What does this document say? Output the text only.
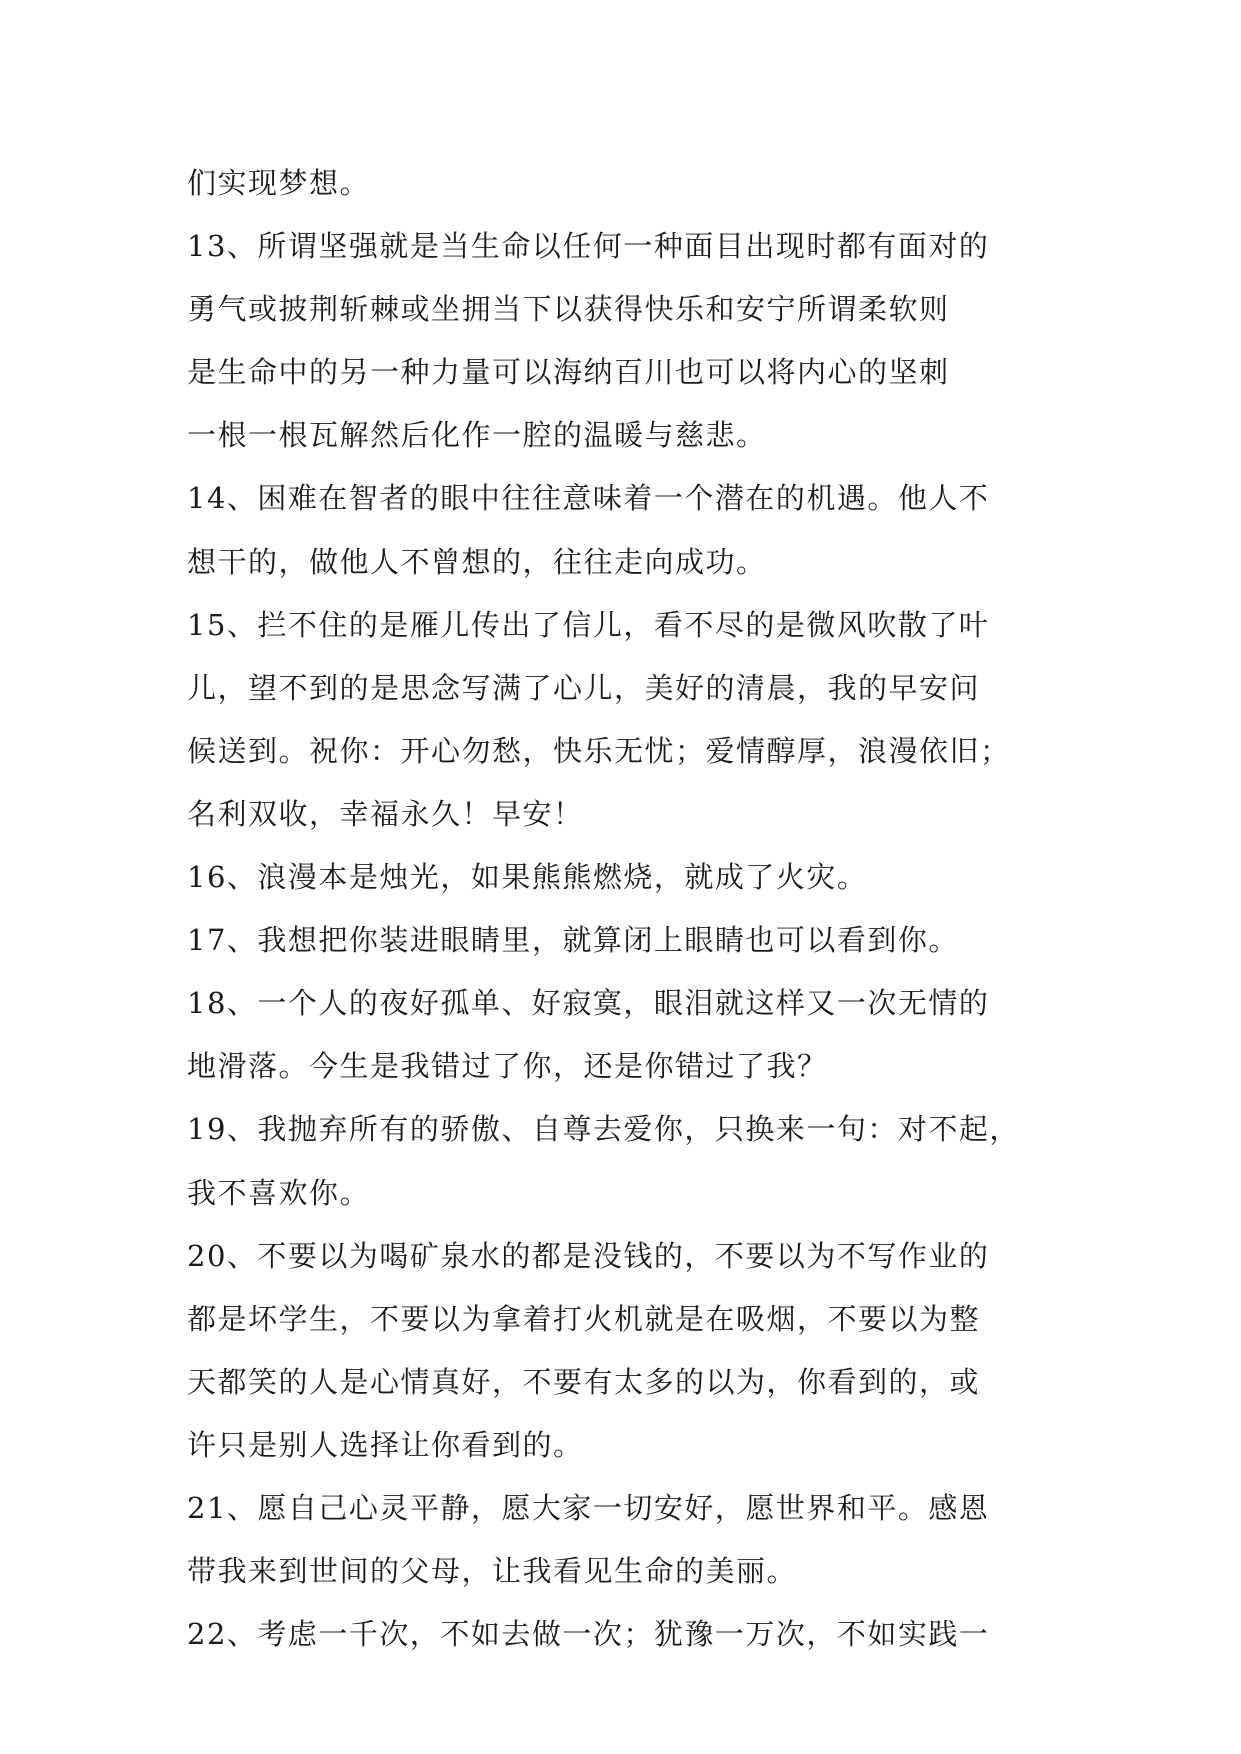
们实现梦想。
13、所谓坚强就是当生命以任何一种面目出现时都有面对的
勇气或披荆斩棘或坐拥当下以获得快乐和安宁所谓柔软则
是生命中的另一种力量可以海纳百川也可以将内心的坚刺
一根一根瓦解然后化作一腔的温暖与慈悲。
14、困难在智者的眼中往往意味着一个潜在的机遇。他人不
想干的，做他人不曾想的，往往走向成功。
15、拦不住的是雁儿传出了信儿，看不尽的是微风吹散了叶
儿，望不到的是思念写满了心儿，美好的清晨，我的早安问
候送到。祝你：开心勿愁，快乐无忧；爱情醇厚，浪漫依旧；
名利双收，幸福永久！早安！
16、浪漫本是烛光，如果熊熊燃烧，就成了火灾。
17、我想把你装进眼睛里，就算闭上眼睛也可以看到你。
18、一个人的夜好孤单、好寂寞，眼泪就这样又一次无情的
地滑落。今生是我错过了你，还是你错过了我？
19、我抛弃所有的骄傲、自尊去爱你，只换来一句：对不起，
我不喜欢你。
20、不要以为喝矿泉水的都是没钱的，不要以为不写作业的
都是坏学生，不要以为拿着打火机就是在吸烟，不要以为整
天都笑的人是心情真好，不要有太多的以为，你看到的，或
许只是别人选择让你看到的。
21、愿自己心灵平静，愿大家一切安好，愿世界和平。感恩
带我来到世间的父母，让我看见生命的美丽。
22、考虑一千次，不如去做一次；犹豫一万次，不如实践一
